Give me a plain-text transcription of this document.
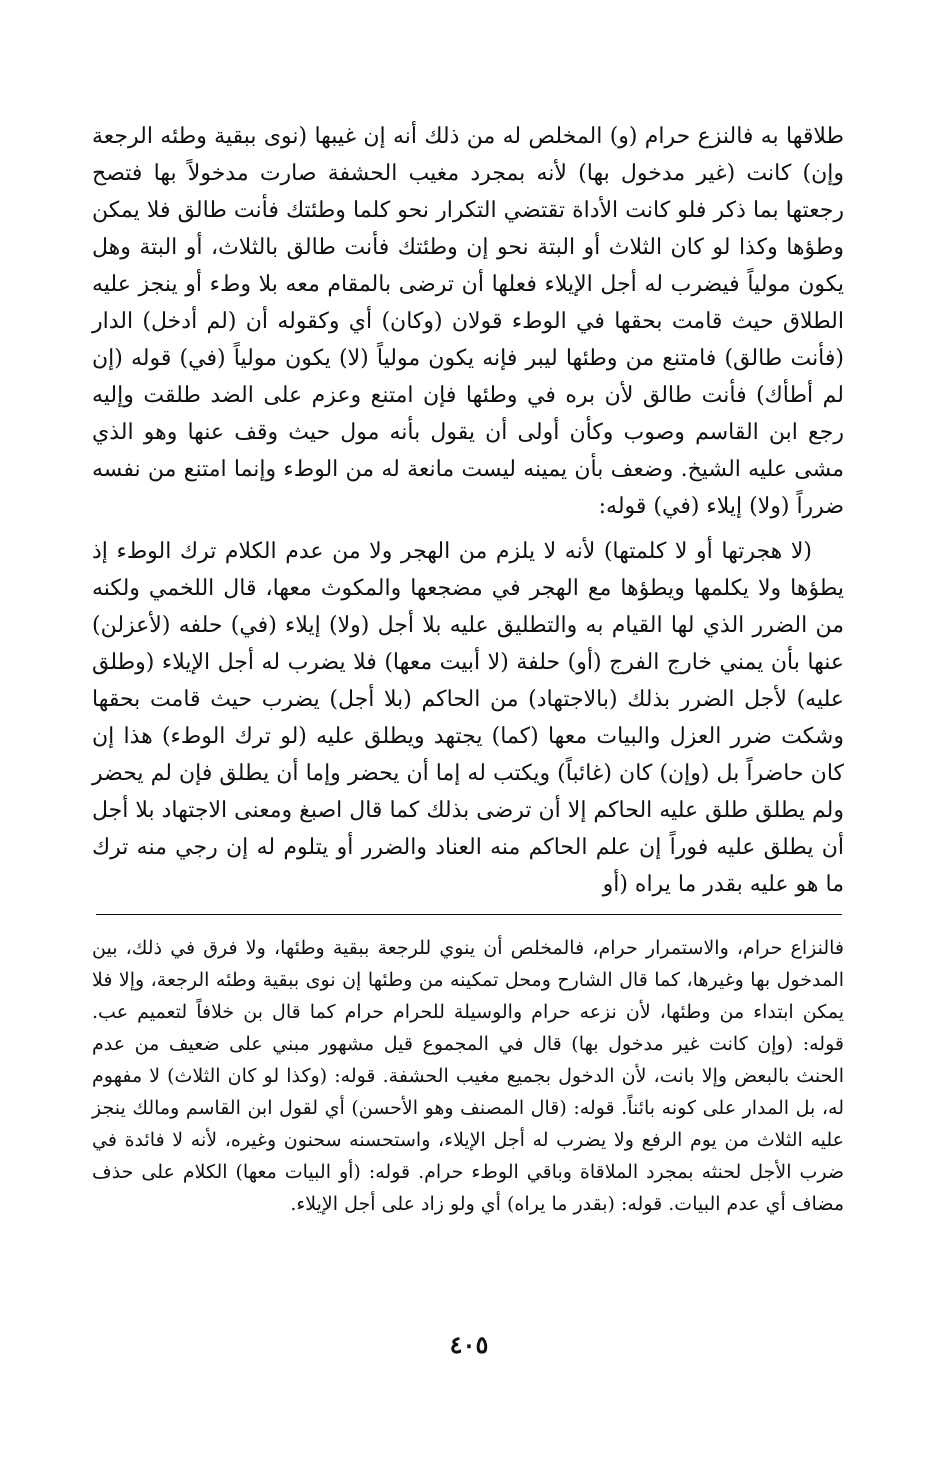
طلاقها به فالنزع حرام (و) المخلص له من ذلك أنه إن غيبها (نوى ببقية وطئه الرجعة وإن) كانت (غير مدخول بها) لأنه بمجرد مغيب الحشفة صارت مدخولاً بها فتصح رجعتها بما ذكر فلو كانت الأداة تقتضي التكرار نحو كلما وطئتك فأنت طالق فلا يمكن وطؤها وكذا لو كان الثلاث أو البتة نحو إن وطئتك فأنت طالق بالثلاث، أو البتة وهل يكون مولياً فيضرب له أجل الإيلاء فعلها أن ترضى بالمقام معه بلا وطء أو ينجز عليه الطلاق حيث قامت بحقها في الوطء قولان (وكان) أي وكقوله أن (لم أدخل) الدار (فأنت طالق) فامتنع من وطئها ليبر فإنه يكون مولياً (لا) يكون مولياً (في) قوله (إن لم أطأك) فأنت طالق لأن بره في وطئها فإن امتنع وعزم على الضد طلقت وإليه رجع ابن القاسم وصوب وكأن أولى أن يقول بأنه مول حيث وقف عنها وهو الذي مشى عليه الشيخ. وضعف بأن يمينه ليست مانعة له من الوطء وإنما امتنع من نفسه ضرراً (ولا) إيلاء (في) قوله:

(لا هجرتها أو لا كلمتها) لأنه لا يلزم من الهجر ولا من عدم الكلام ترك الوطء إذ يطؤها ولا يكلمها ويطؤها مع الهجر في مضجعها والمكوث معها، قال اللخمي ولكنه من الضرر الذي لها القيام به والتطليق عليه بلا أجل (ولا) إيلاء (في) حلفه (لأعزلن) عنها بأن يمني خارج الفرج (أو) حلفة (لا أبيت معها) فلا يضرب له أجل الإيلاء (وطلق عليه) لأجل الضرر بذلك (بالاجتهاد) من الحاكم (بلا أجل) يضرب حيث قامت بحقها وشكت ضرر العزل والبيات معها (كما) يجتهد ويطلق عليه (لو ترك الوطء) هذا إن كان حاضراً بل (وإن) كان (غائباً) ويكتب له إما أن يحضر وإما أن يطلق فإن لم يحضر ولم يطلق طلق عليه الحاكم إلا أن ترضى بذلك كما قال اصبغ ومعنى الاجتهاد بلا أجل أن يطلق عليه فوراً إن علم الحاكم منه العناد والضرر أو يتلوم له إن رجي منه ترك ما هو عليه بقدر ما يراه (أو

فالنزاع حرام، والاستمرار حرام، فالمخلص أن ينوي للرجعة ببقية وطئها، ولا فرق في ذلك، بين المدخول بها وغيرها، كما قال الشارح ومحل تمكينه من وطئها إن نوى ببقية وطئه الرجعة، وإلا فلا يمكن ابتداء من وطئها، لأن نزعه حرام والوسيلة للحرام حرام كما قال بن خلافاً لتعميم عب. قوله: (وإن كانت غير مدخول بها) قال في المجموع قيل مشهور مبني على ضعيف من عدم الحنث بالبعض وإلا بانت، لأن الدخول بجميع مغيب الحشفة. قوله: (وكذا لو كان الثلاث) لا مفهوم له، بل المدار على كونه بائناً. قوله: (قال المصنف وهو الأحسن) أي لقول ابن القاسم ومالك ينجز عليه الثلاث من يوم الرفع ولا يضرب له أجل الإيلاء، واستحسنه سحنون وغيره، لأنه لا فائدة في ضرب الأجل لحنثه بمجرد الملاقاة وباقي الوطء حرام. قوله: (أو البيات معها) الكلام على حذف مضاف أي عدم البيات. قوله: (بقدر ما يراه) أي ولو زاد على أجل الإيلاء.

٤٠٥
